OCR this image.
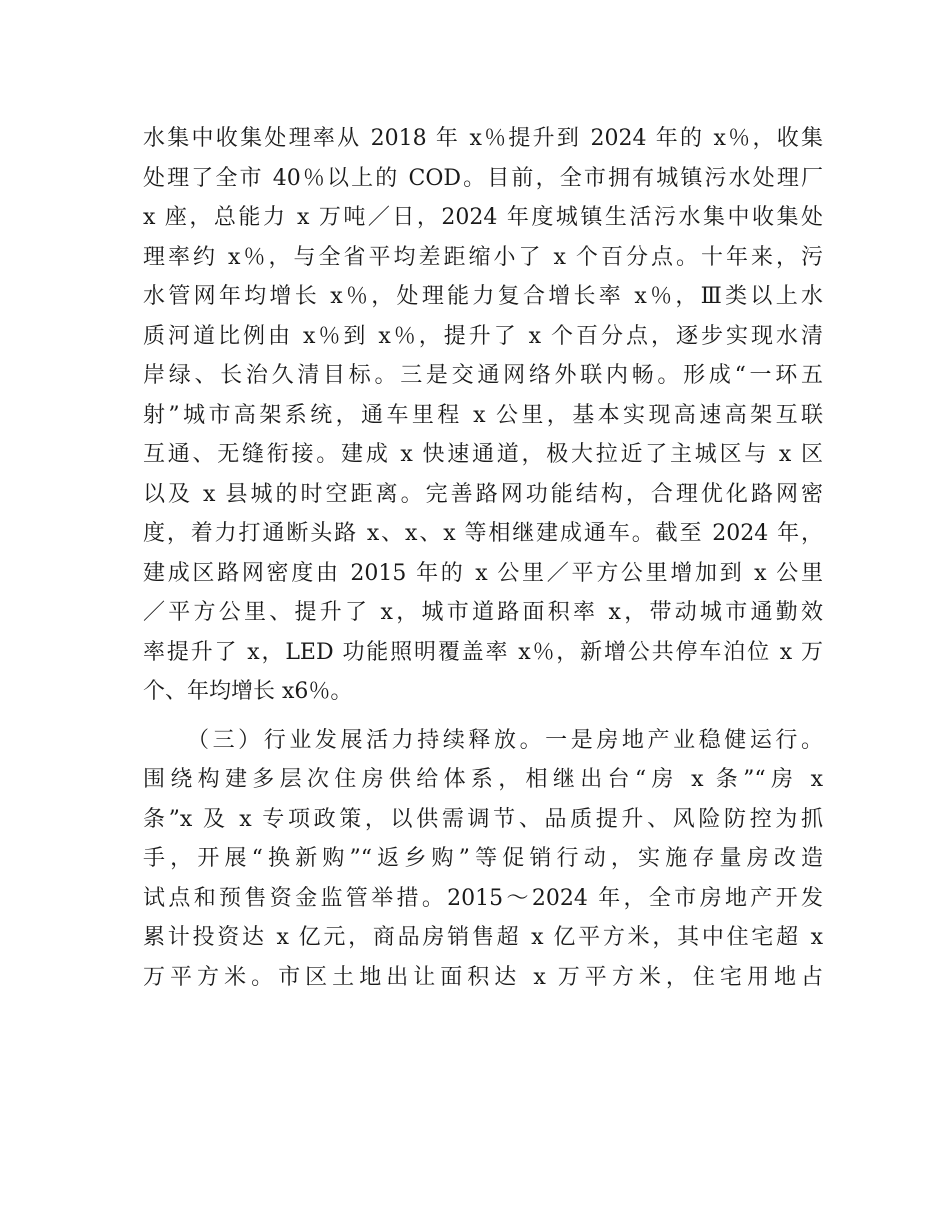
水集中收集处理率从 2018 年 x％提升到 2024 年的 x％，收集
处理了全市 40％以上的 COD。目前，全市拥有城镇污水处理厂
x 座，总能力 x 万吨／日，2024 年度城镇生活污水集中收集处
理率约 x％，与全省平均差距缩小了 x 个百分点。十年来，污
水管网年均增长 x％，处理能力复合增长率 x％，Ⅲ类以上水
质河道比例由 x％到 x％，提升了 x 个百分点，逐步实现水清
岸绿、长治久清目标。三是交通网络外联内畅。形成“一环五
射”城市高架系统，通车里程 x 公里，基本实现高速高架互联
互通、无缝衔接。建成 x 快速通道，极大拉近了主城区与 x 区
以及 x 县城的时空距离。完善路网功能结构，合理优化路网密
度，着力打通断头路 x、x、x 等相继建成通车。截至 2024 年，
建成区路网密度由 2015 年的 x 公里／平方公里增加到 x 公里
／平方公里、提升了 x，城市道路面积率 x，带动城市通勤效
率提升了 x，LED 功能照明覆盖率 x％，新增公共停车泊位 x 万
个、年均增长 x6％。
（三）行业发展活力持续释放。一是房地产业稳健运行。
围绕构建多层次住房供给体系，相继出台“房 x 条”“房 x
条”x 及 x 专项政策，以供需调节、品质提升、风险防控为抓
手，开展“换新购”“返乡购”等促销行动，实施存量房改造
试点和预售资金监管举措。2015～2024 年，全市房地产开发
累计投资达 x 亿元，商品房销售超 x 亿平方米，其中住宅超 x
万平方米。市区土地出让面积达 x 万平方米，住宅用地占
